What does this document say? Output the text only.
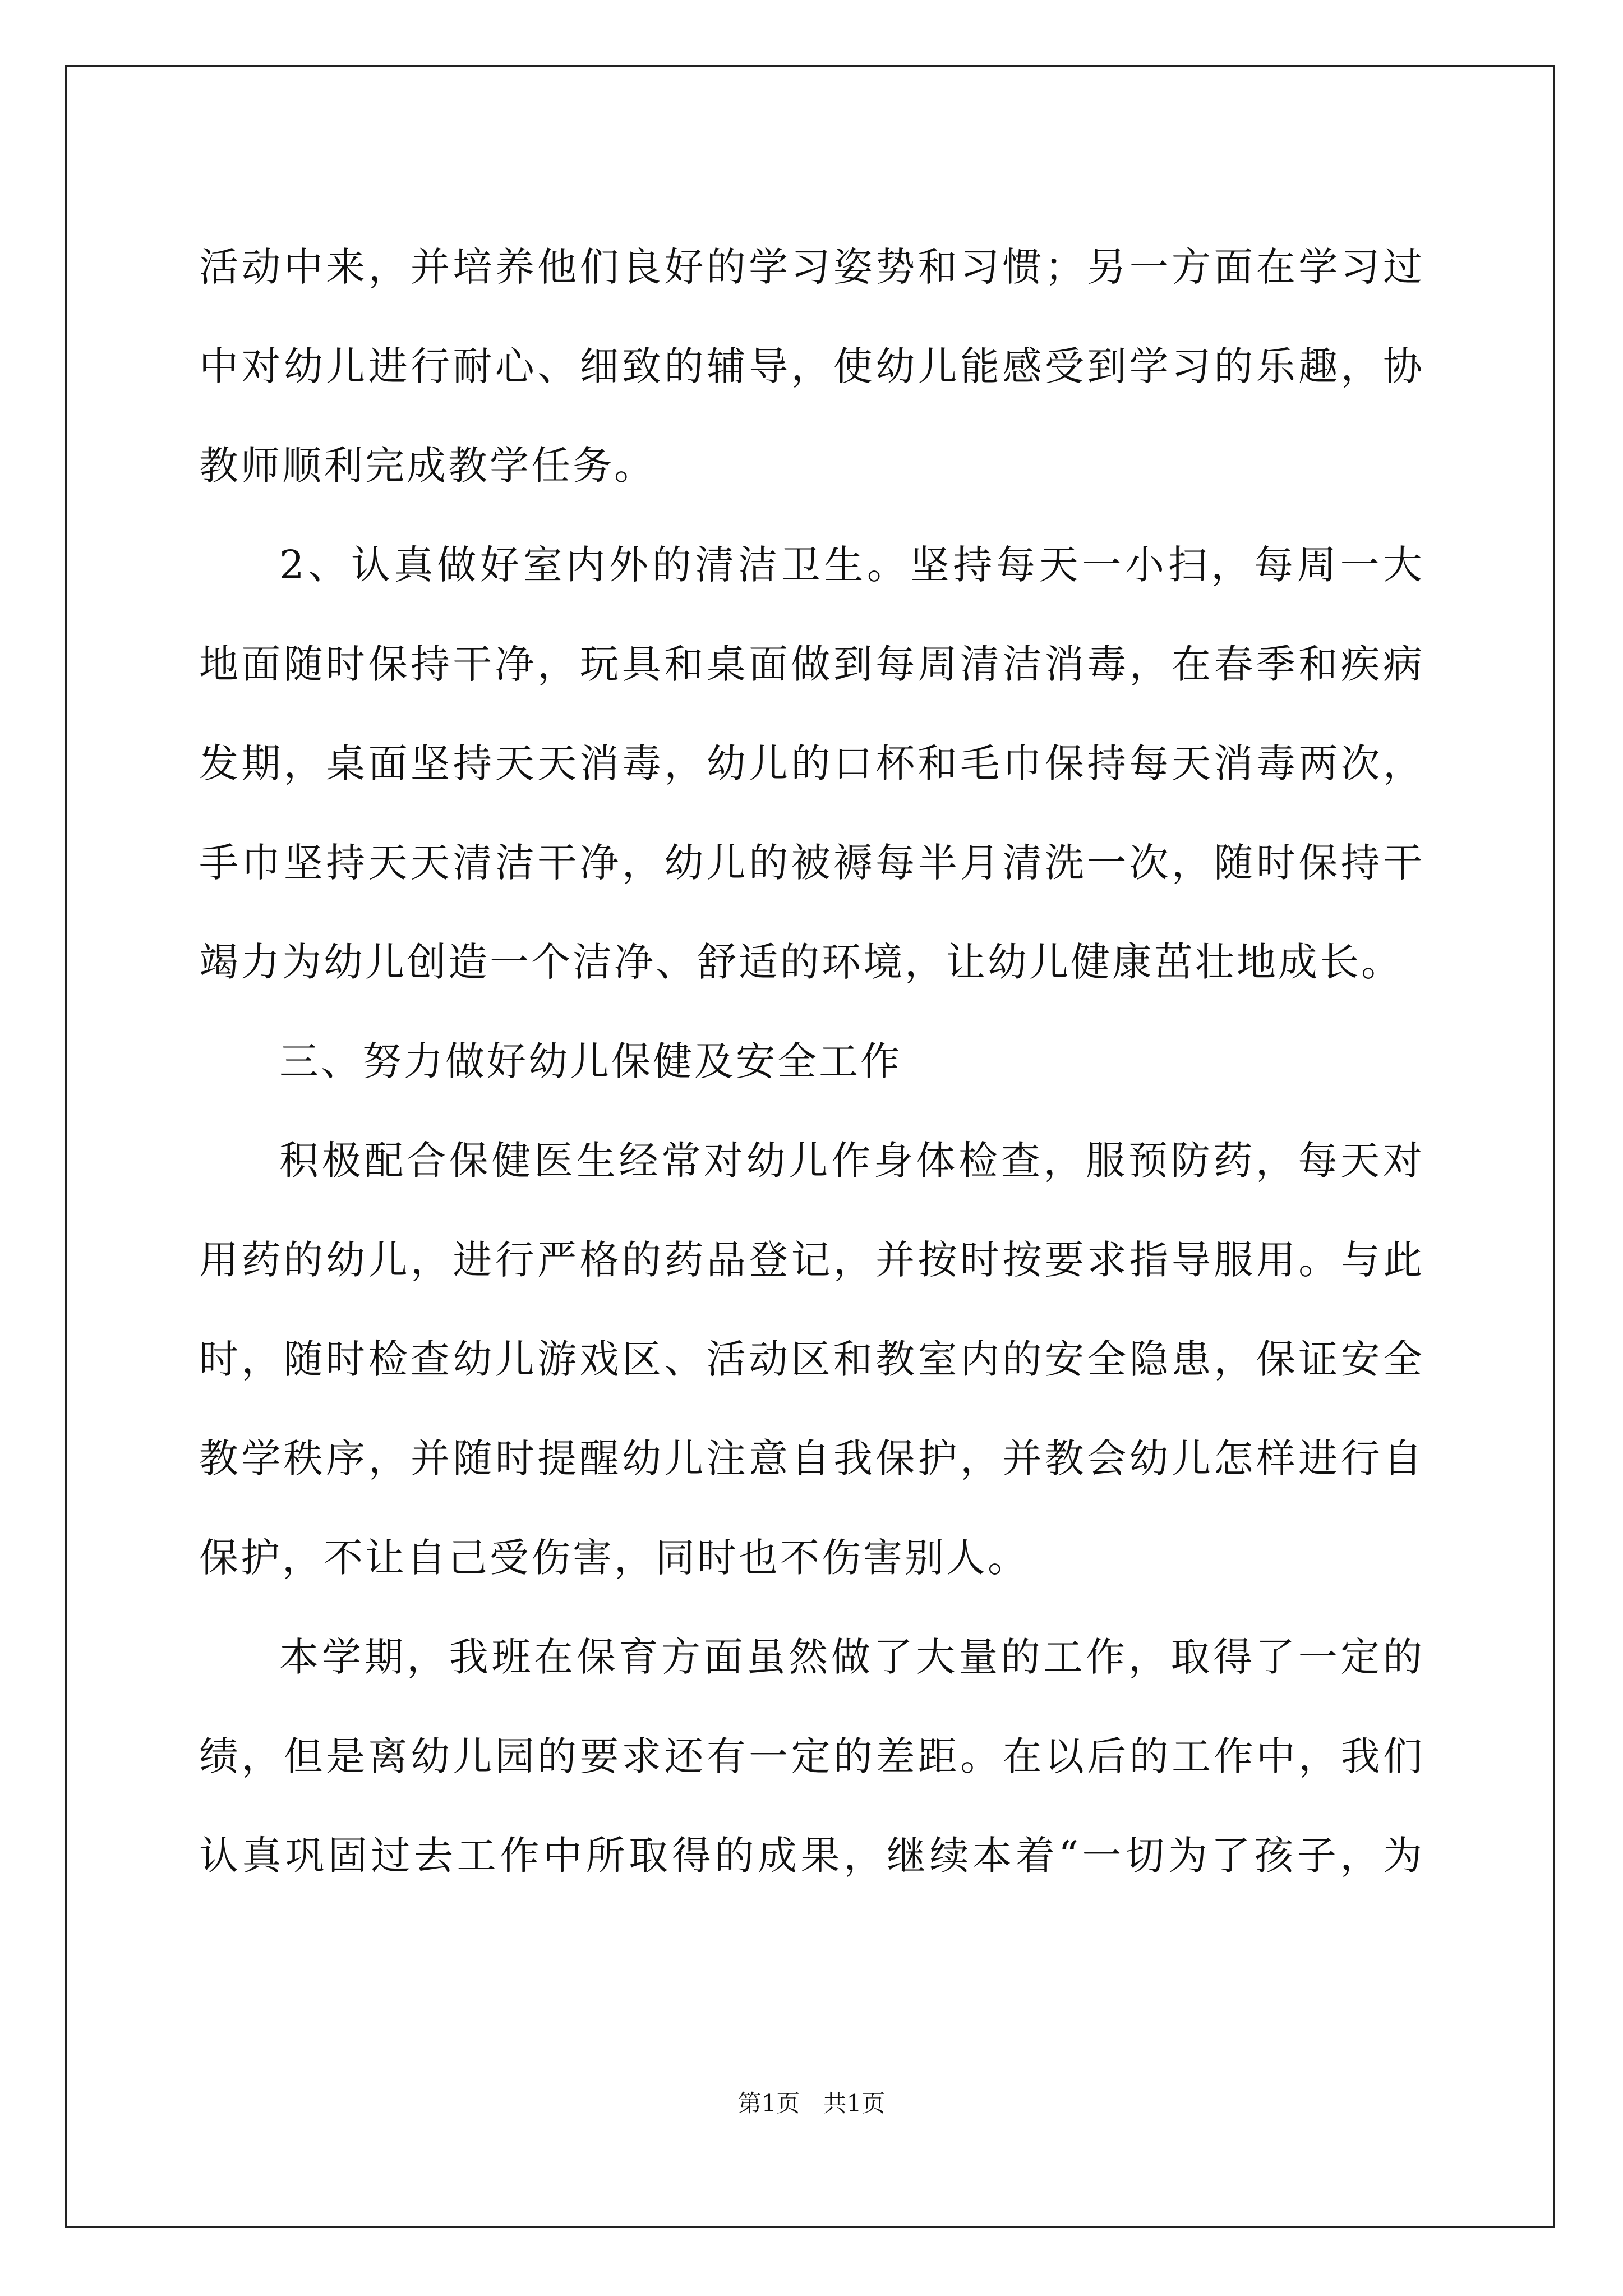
活动中来，并培养他们良好的学习姿势和习惯；另一方面在学习过
中对幼儿进行耐心、细致的辅导，使幼儿能感受到学习的乐趣，协
教师顺利完成教学任务。
2、认真做好室内外的清洁卫生。坚持每天一小扫，每周一大
地面随时保持干净，玩具和桌面做到每周清洁消毒，在春季和疾病
发期，桌面坚持天天消毒，幼儿的口杯和毛巾保持每天消毒两次，
手巾坚持天天清洁干净，幼儿的被褥每半月清洗一次，随时保持干
竭力为幼儿创造一个洁净、舒适的环境，让幼儿健康茁壮地成长。
三、努力做好幼儿保健及安全工作
积极配合保健医生经常对幼儿作身体检查，服预防药，每天对
用药的幼儿，进行严格的药品登记，并按时按要求指导服用。与此
时，随时检查幼儿游戏区、活动区和教室内的安全隐患，保证安全
教学秩序，并随时提醒幼儿注意自我保护，并教会幼儿怎样进行自
保护，不让自己受伤害，同时也不伤害别人。
本学期，我班在保育方面虽然做了大量的工作，取得了一定的
绩，但是离幼儿园的要求还有一定的差距。在以后的工作中，我们
认真巩固过去工作中所取得的成果，继续本着“一切为了孩子，为
第1页 共1页
